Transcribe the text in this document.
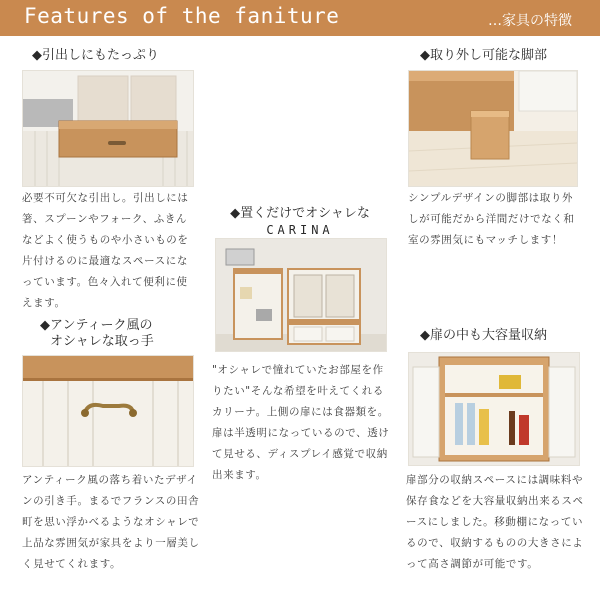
Features of the faniture	…家具の特徴
◆引出しにもたっぷり
必要不可欠な引出し。引出しには箸、スプーンやフォーク、ふきんなどよく使うものや小さいものを片付けるのに最適なスペースになっています。色々入れて便利に使えます。
◆取り外し可能な脚部
シンプルデザインの脚部は取り外しが可能だから洋間だけでなく和室の雰囲気にもマッチします！
◆置くだけでオシャレな
CARINA
"オシャレで憧れていたお部屋を作りたい"そんな希望を叶えてくれるカリーナ。上側の扉には食器類を。扉は半透明になっているので、透けて見せる、ディスプレイ感覚で収納出来ます。
◆アンティーク風の
オシャレな取っ手
アンティーク風の落ち着いたデザインの引き手。まるでフランスの田舎町を思い浮かべるようなオシャレで上品な雰囲気が家具をより一層美しく見せてくれます。
◆扉の中も大容量収納
扉部分の収納スペースには調味料や保存食などを大容量収納出来るスペースにしました。移動棚になっているので、収納するものの大きさによって高さ調節が可能です。
